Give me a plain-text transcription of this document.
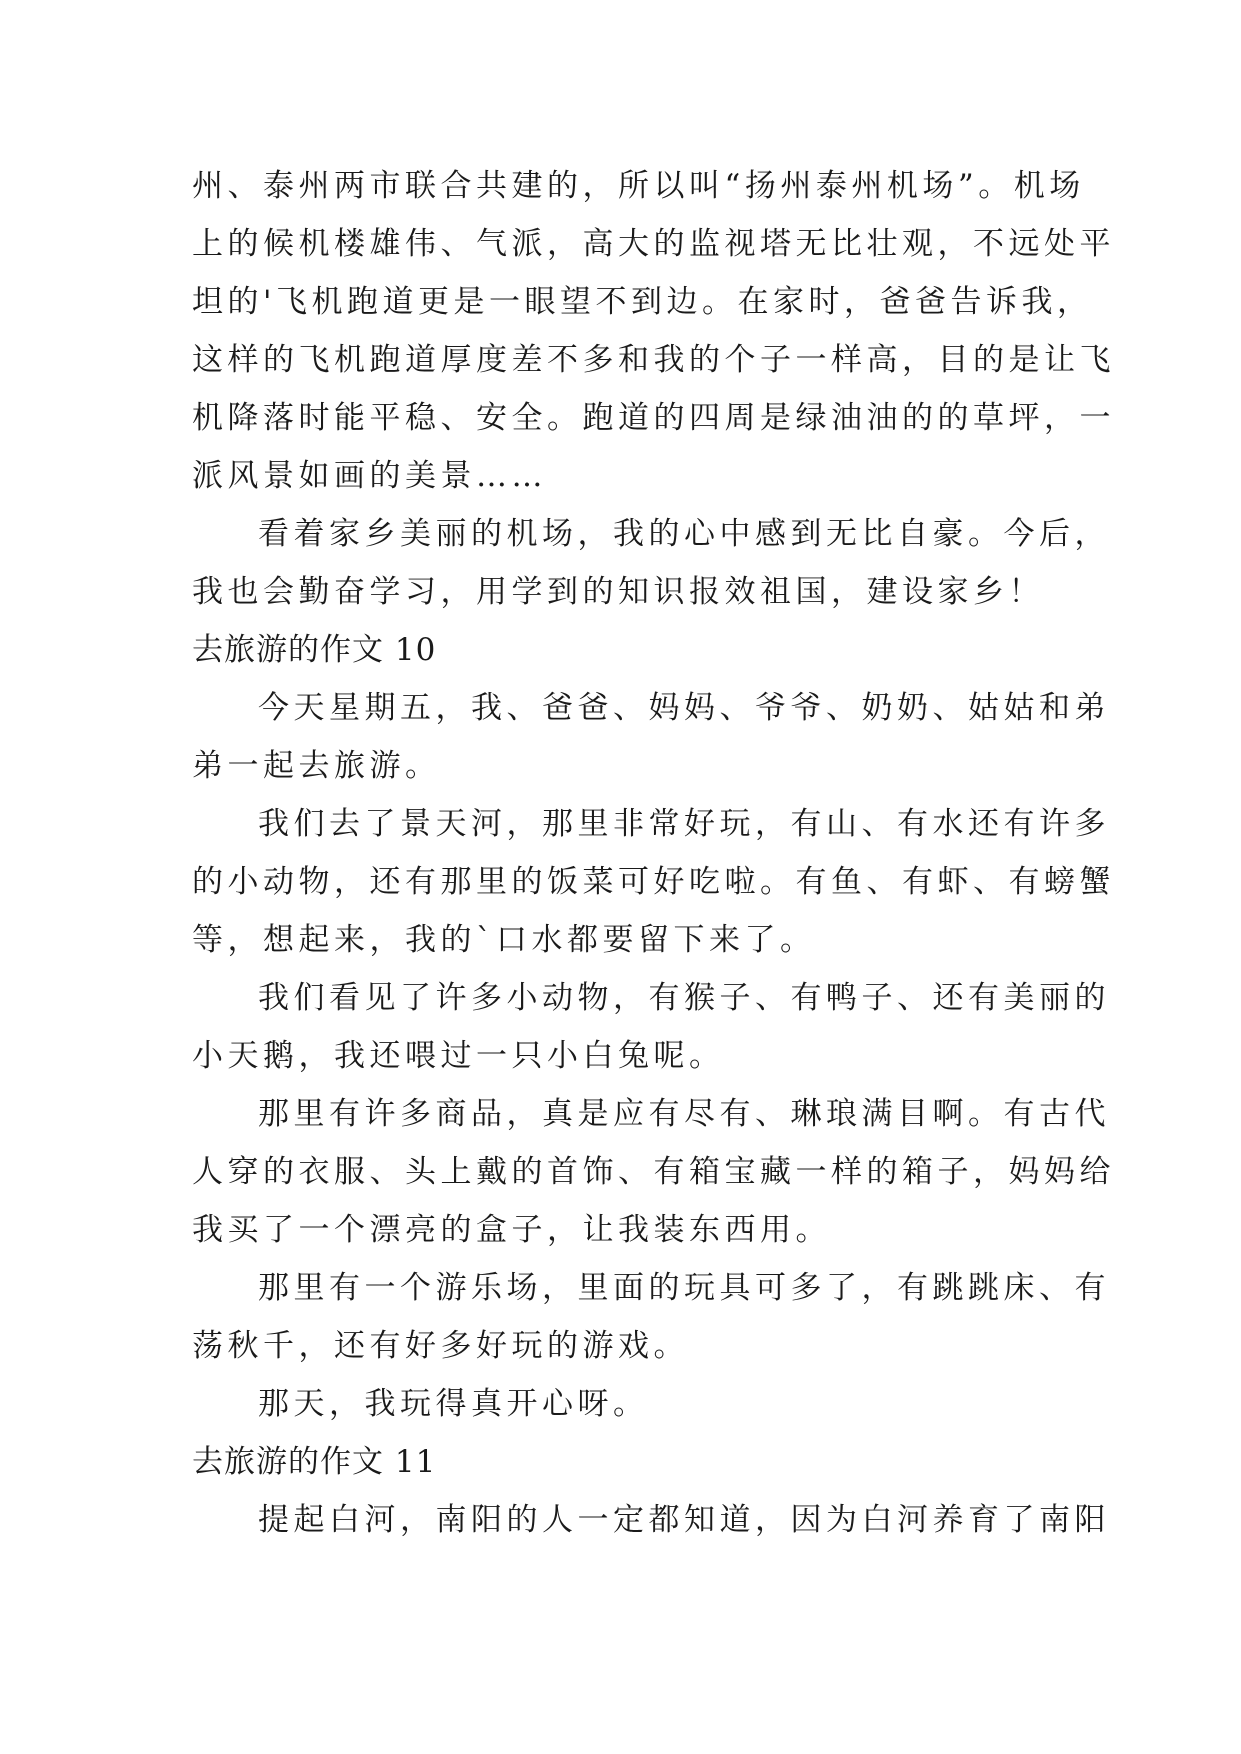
州、泰州两市联合共建的，所以叫“扬州泰州机场”。机场
上的候机楼雄伟、气派，高大的监视塔无比壮观，不远处平
坦的'飞机跑道更是一眼望不到边。在家时，爸爸告诉我，
这样的飞机跑道厚度差不多和我的个子一样高，目的是让飞
机降落时能平稳、安全。跑道的四周是绿油油的的草坪，一
派风景如画的美景……
看着家乡美丽的机场，我的心中感到无比自豪。今后，
我也会勤奋学习，用学到的知识报效祖国，建设家乡！
去旅游的作文 10
今天星期五，我、爸爸、妈妈、爷爷、奶奶、姑姑和弟
弟一起去旅游。
我们去了景天河，那里非常好玩，有山、有水还有许多
的小动物，还有那里的饭菜可好吃啦。有鱼、有虾、有螃蟹
等，想起来，我的`口水都要留下来了。
我们看见了许多小动物，有猴子、有鸭子、还有美丽的
小天鹅，我还喂过一只小白兔呢。
那里有许多商品，真是应有尽有、琳琅满目啊。有古代
人穿的衣服、头上戴的首饰、有箱宝藏一样的箱子，妈妈给
我买了一个漂亮的盒子，让我装东西用。
那里有一个游乐场，里面的玩具可多了，有跳跳床、有
荡秋千，还有好多好玩的游戏。
那天，我玩得真开心呀。
去旅游的作文 11
提起白河，南阳的人一定都知道，因为白河养育了南阳
